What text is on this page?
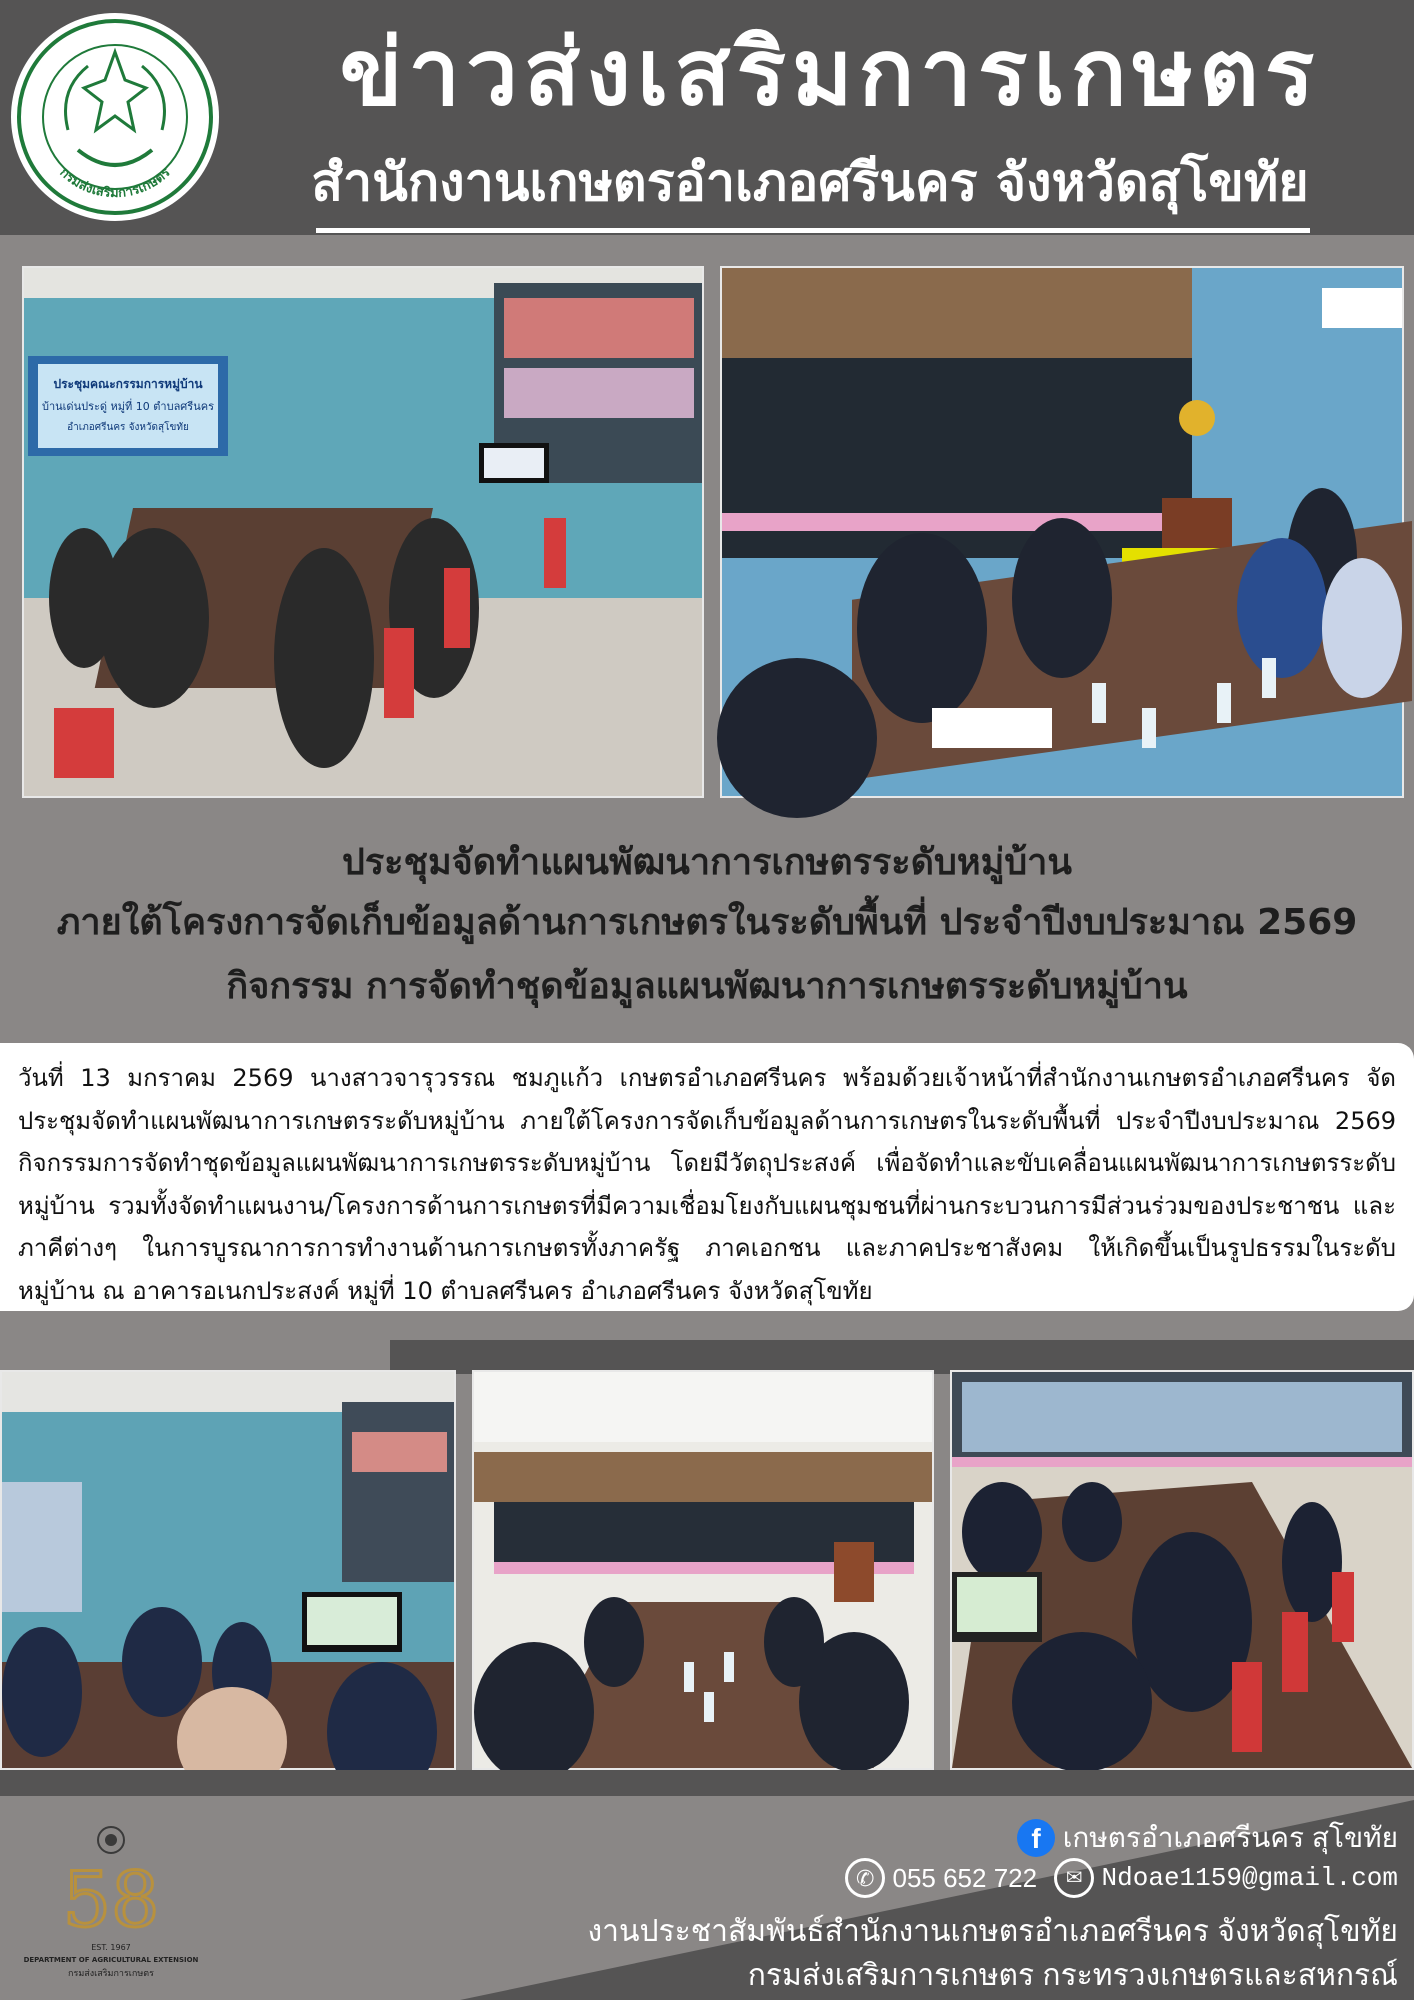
กรมส่งเสริมการเกษตร
ข่าวส่งเสริมการเกษตร
สำนักงานเกษตรอำเภอศรีนคร จังหวัดสุโขทัย
ประชุมคณะกรรมการหมู่บ้าน
บ้านเด่นประดู่ หมู่ที่ 10 ตำบลศรีนคร
อำเภอศรีนคร จังหวัดสุโขทัย
ประชุมจัดทำแผนพัฒนาการเกษตรระดับหมู่บ้าน
ภายใต้โครงการจัดเก็บข้อมูลด้านการเกษตรในระดับพื้นที่ ประจำปีงบประมาณ 2569
กิจกรรม การจัดทำชุดข้อมูลแผนพัฒนาการเกษตรระดับหมู่บ้าน
วันที่ 13 มกราคม 2569 นางสาวจารุวรรณ ชมภูแก้ว เกษตรอำเภอศรีนคร พร้อมด้วยเจ้าหน้าที่สำนักงานเกษตรอำเภอศรีนคร จัดประชุมจัดทำแผนพัฒนาการเกษตรระดับหมู่บ้าน ภายใต้โครงการจัดเก็บข้อมูลด้านการเกษตรในระดับพื้นที่ ประจำปีงบประมาณ 2569 กิจกรรมการจัดทำชุดข้อมูลแผนพัฒนาการเกษตรระดับหมู่บ้าน โดยมีวัตถุประสงค์ เพื่อจัดทำและขับเคลื่อนแผนพัฒนาการเกษตรระดับหมู่บ้าน รวมทั้งจัดทำแผนงาน/โครงการด้านการเกษตรที่มีความเชื่อมโยงกับแผนชุมชนที่ผ่านกระบวนการมีส่วนร่วมของประชาชน และภาคีต่างๆ ในการบูรณาการการทำงานด้านการเกษตรทั้งภาครัฐ ภาคเอกชน และภาคประชาสังคม ให้เกิดขึ้นเป็นรูปธรรมในระดับหมู่บ้าน ณ อาคารอเนกประสงค์ หมู่ที่ 10 ตำบลศรีนคร อำเภอศรีนคร จังหวัดสุโขทัย
58
EST. 1967
DEPARTMENT OF AGRICULTURAL EXTENSION
กรมส่งเสริมการเกษตร
f เกษตรอำเภอศรีนคร สุโขทัย
✆ 055 652 722 ✉ Ndoae1159@gmail.com
งานประชาสัมพันธ์สำนักงานเกษตรอำเภอศรีนคร จังหวัดสุโขทัย
กรมส่งเสริมการเกษตร กระทรวงเกษตรและสหกรณ์
